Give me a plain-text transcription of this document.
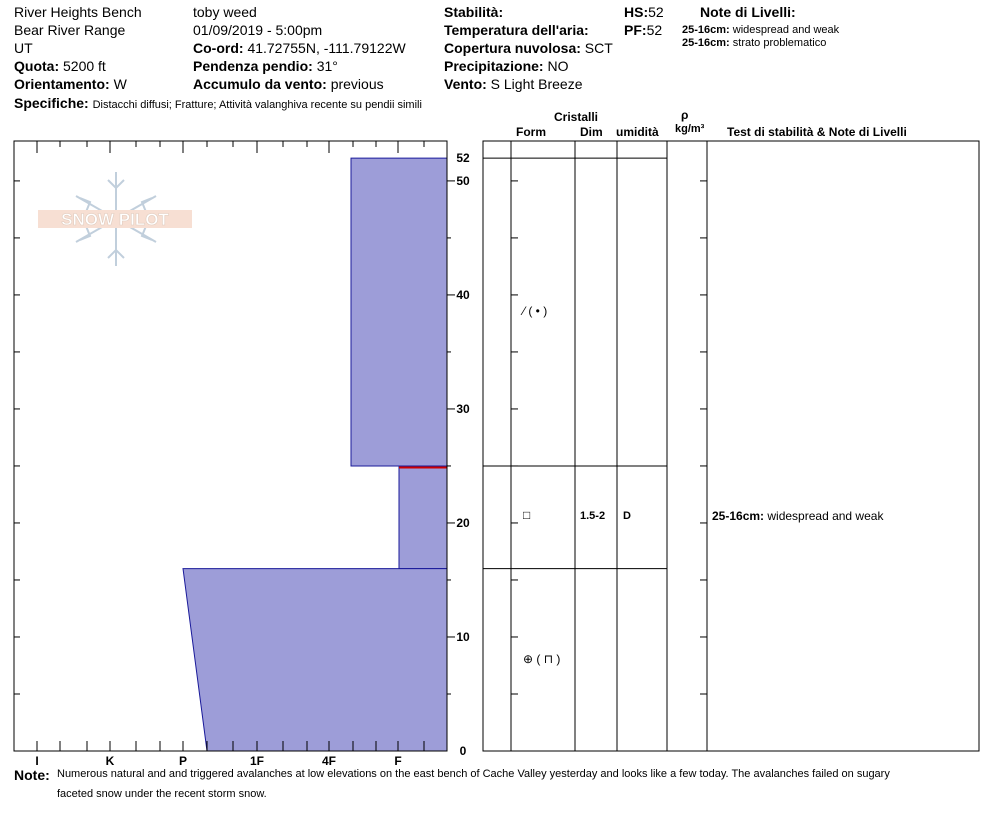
River Heights Bench
Bear River Range
UT
Quota: 5200 ft
Orientamento: W
toby weed
01/09/2019 - 5:00pm
Co-ord: 41.72755N, -111.79122W
Pendenza pendio: 31°
Accumulo da vento: previous
Stabilità:
Temperatura dell'aria:
Copertura nuvolosa: SCT
Precipitazione: NO
Vento: S Light Breeze
HS:52
PF:52
Note di Livelli:
25-16cm: widespread and weak
25-16cm: strato problematico
Specifiche: Distacchi diffusi; Fratture; Attività valanghiva recente su pendii simili
Cristalli
Form	Dim umidità
ρ
kg/m³ Test di stabilità & Note di Livelli
SNOW PILOT
I	K	P	1F	4F	F
10
20
30
40
50
52
0
⁄ ( • )
□	1.5-2 D	25-16cm: widespread and weak
⊕ ( ⊓ )
Note: Numerous natural and and triggered avalanches at low elevations on the east bench of Cache Valley yesterday and looks like a few today. The avalanches failed on sugary
faceted snow under the recent storm snow.
